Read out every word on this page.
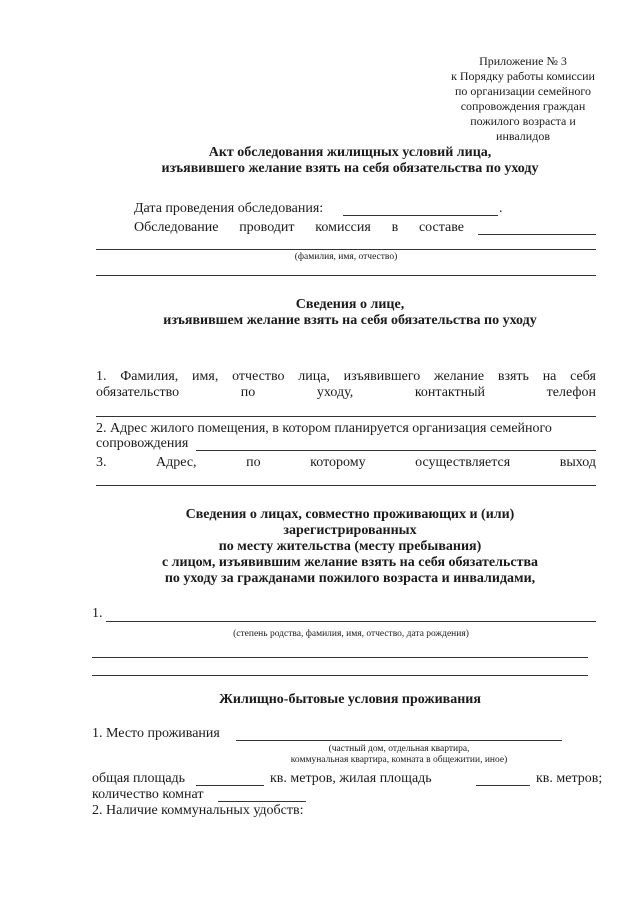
Приложение № 3
к Порядку работы комиссии
по организации семейного
сопровождения граждан
пожилого возраста и
инвалидов
Акт обследования жилищных условий лица,
изъявившего желание взять на себя обязательства по уходу
Дата проведения обследования:	.
Обследование проводит комиссия в составе
(фамилия, имя, отчество)
Сведения о лице,
изъявившем желание взять на себя обязательства по уходу
1. Фамилия, имя, отчество лица, изъявившего желание взять на себя
обязательство	по	уходу,	контактный	телефон
2. Адрес жилого помещения, в котором планируется организация семейного
сопровождения
3.	Адрес,	по	которому	осуществляется	выход
Сведения о лицах, совместно проживающих и (или)
зарегистрированных
по месту жительства (месту пребывания)
с лицом, изъявившим желание взять на себя обязательства
по уходу за гражданами пожилого возраста и инвалидами,
1.
(степень родства, фамилия, имя, отчество, дата рождения)
Жилищно-бытовые условия проживания
1. Место проживания
(частный дом, отдельная квартира,
коммунальная квартира, комната в общежитии, иное)
общая площадь	кв. метров, жилая площадь	кв. метров;
количество комнат
2. Наличие коммунальных удобств:
